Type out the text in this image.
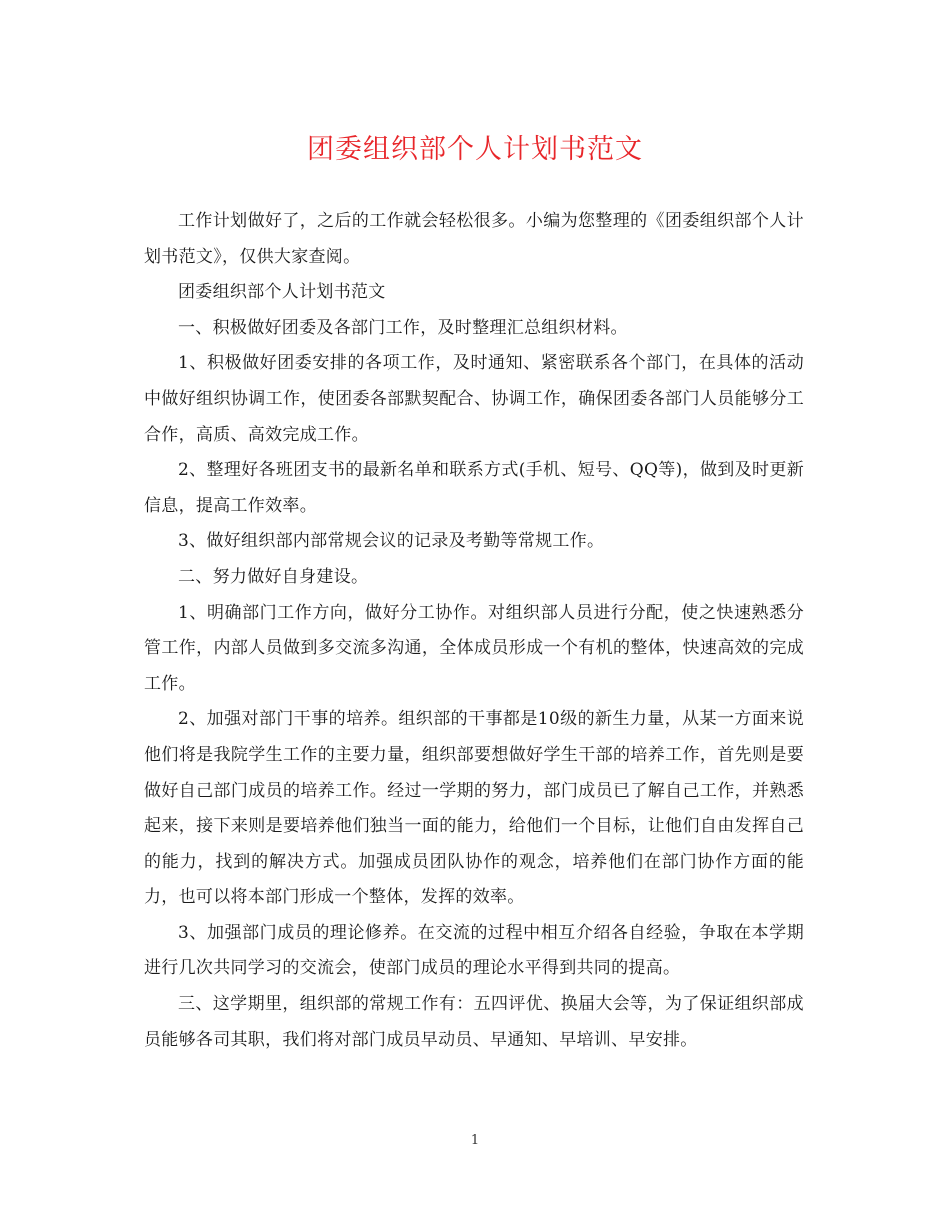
团委组织部个人计划书范文

工作计划做好了，之后的工作就会轻松很多。小编为您整理的《团委组织部个人计划书范文》，仅供大家查阅。

团委组织部个人计划书范文

一、积极做好团委及各部门工作，及时整理汇总组织材料。

1、积极做好团委安排的各项工作，及时通知、紧密联系各个部门，在具体的活动中做好组织协调工作，使团委各部默契配合、协调工作，确保团委各部门人员能够分工合作，高质、高效完成工作。

2、整理好各班团支书的最新名单和联系方式(手机、短号、QQ等)，做到及时更新信息，提高工作效率。

3、做好组织部内部常规会议的记录及考勤等常规工作。

二、努力做好自身建设。

1、明确部门工作方向，做好分工协作。对组织部人员进行分配，使之快速熟悉分管工作，内部人员做到多交流多沟通，全体成员形成一个有机的整体，快速高效的完成工作。

2、加强对部门干事的培养。组织部的干事都是10级的新生力量，从某一方面来说他们将是我院学生工作的主要力量，组织部要想做好学生干部的培养工作，首先则是要做好自己部门成员的培养工作。经过一学期的努力，部门成员已了解自己工作，并熟悉起来，接下来则是要培养他们独当一面的能力，给他们一个目标，让他们自由发挥自己的能力，找到的解决方式。加强成员团队协作的观念，培养他们在部门协作方面的能力，也可以将本部门形成一个整体，发挥的效率。

3、加强部门成员的理论修养。在交流的过程中相互介绍各自经验，争取在本学期进行几次共同学习的交流会，使部门成员的理论水平得到共同的提高。

三、这学期里，组织部的常规工作有：五四评优、换届大会等，为了保证组织部成员能够各司其职，我们将对部门成员早动员、早通知、早培训、早安排。

1
